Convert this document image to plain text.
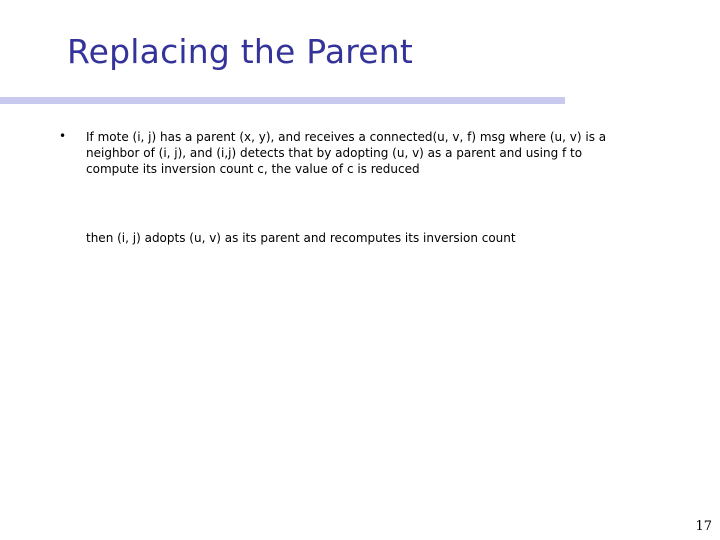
Replacing the Parent
• If mote (i, j) has a parent (x, y), and receives a connected(u, v, f) msg where (u, v) is a

neighbor of (i, j), and (i,j) detects that by adopting (u, v) as a parent and using f to

compute its inversion count c, the value of c is reduced

then (i, j) adopts (u, v) as its parent and recomputes its inversion count
17
